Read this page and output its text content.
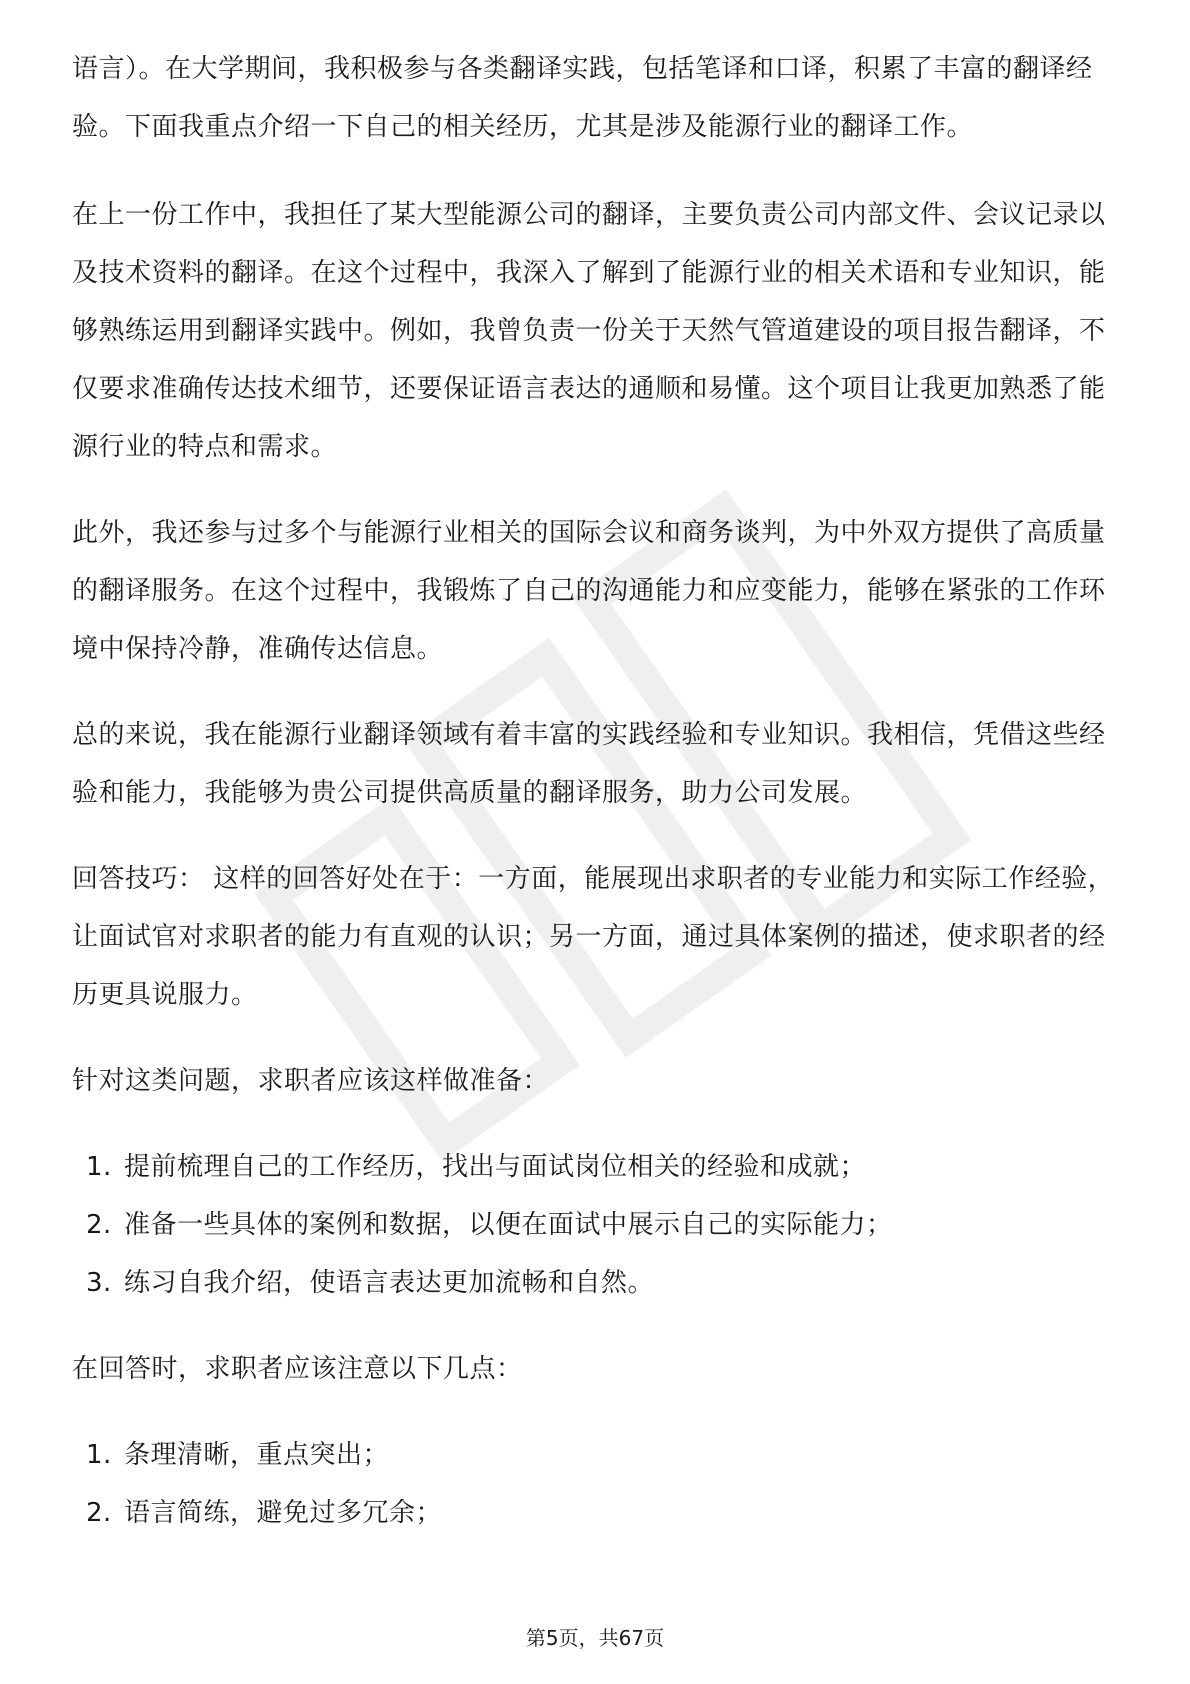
语言）。在大学期间，我积极参与各类翻译实践，包括笔译和口译，积累了丰富的翻译经验。下面我重点介绍一下自己的相关经历，尤其是涉及能源行业的翻译工作。

在上一份工作中，我担任了某大型能源公司的翻译，主要负责公司内部文件、会议记录以及技术资料的翻译。在这个过程中，我深入了解到了能源行业的相关术语和专业知识，能够熟练运用到翻译实践中。例如，我曾负责一份关于天然气管道建设的项目报告翻译，不仅要求准确传达技术细节，还要保证语言表达的通顺和易懂。这个项目让我更加熟悉了能源行业的特点和需求。

此外，我还参与过多个与能源行业相关的国际会议和商务谈判，为中外双方提供了高质量的翻译服务。在这个过程中，我锻炼了自己的沟通能力和应变能力，能够在紧张的工作环境中保持冷静，准确传达信息。

总的来说，我在能源行业翻译领域有着丰富的实践经验和专业知识。我相信，凭借这些经验和能力，我能够为贵公司提供高质量的翻译服务，助力公司发展。

回答技巧： 这样的回答好处在于：一方面，能展现出求职者的专业能力和实际工作经验，让面试官对求职者的能力有直观的认识；另一方面，通过具体案例的描述，使求职者的经历更具说服力。

针对这类问题，求职者应该这样做准备：

1. 提前梳理自己的工作经历，找出与面试岗位相关的经验和成就；
2. 准备一些具体的案例和数据，以便在面试中展示自己的实际能力；
3. 练习自我介绍，使语言表达更加流畅和自然。

在回答时，求职者应该注意以下几点：

1. 条理清晰，重点突出；
2. 语言简练，避免过多冗余；
第5页，共67页
